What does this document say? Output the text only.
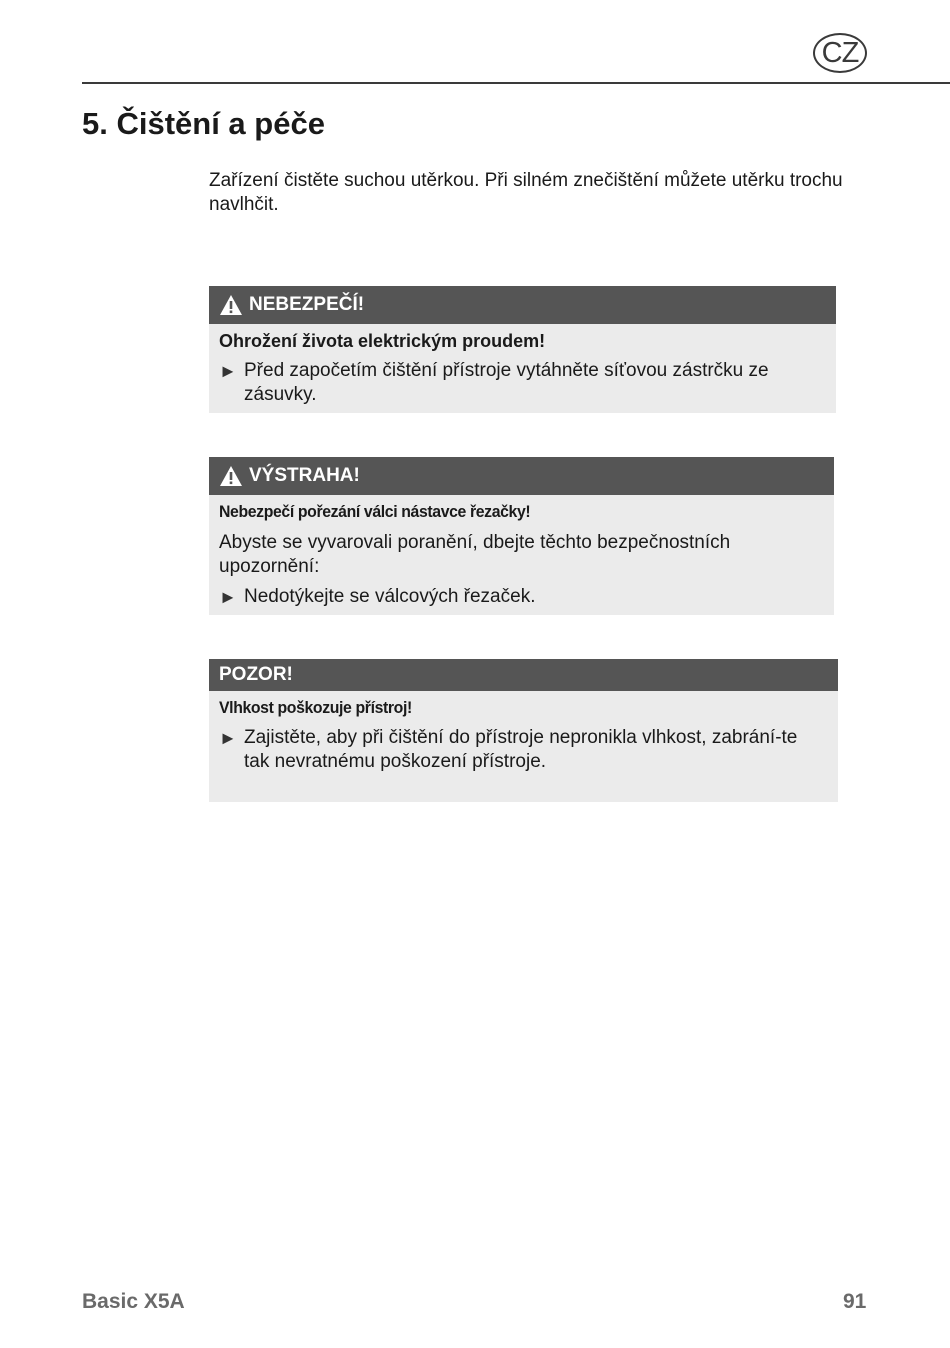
CZ
5. Čištění a péče

Zařízení čistěte suchou utěrkou. Při silném znečištění můžete utěrku trochu navlhčit.

NEBEZPEČÍ!

Ohrožení života elektrickým proudem!

► Před započetím čištění přístroje vytáhněte síťovou zástrčku ze zásuvky.
VÝSTRAHA!

Nebezpečí pořezání válci nástavce řezačky!

Abyste se vyvarovali poranění, dbejte těchto bezpečnostních upozornění:

► Nedotýkejte se válcových řezaček.
POZOR!

Vlhkost poškozuje přístroj!

► Zajistěte, aby při čištění do přístroje nepronikla vlhkost, zabrání-te tak nevratnému poškození přístroje.
Basic X5A	91
